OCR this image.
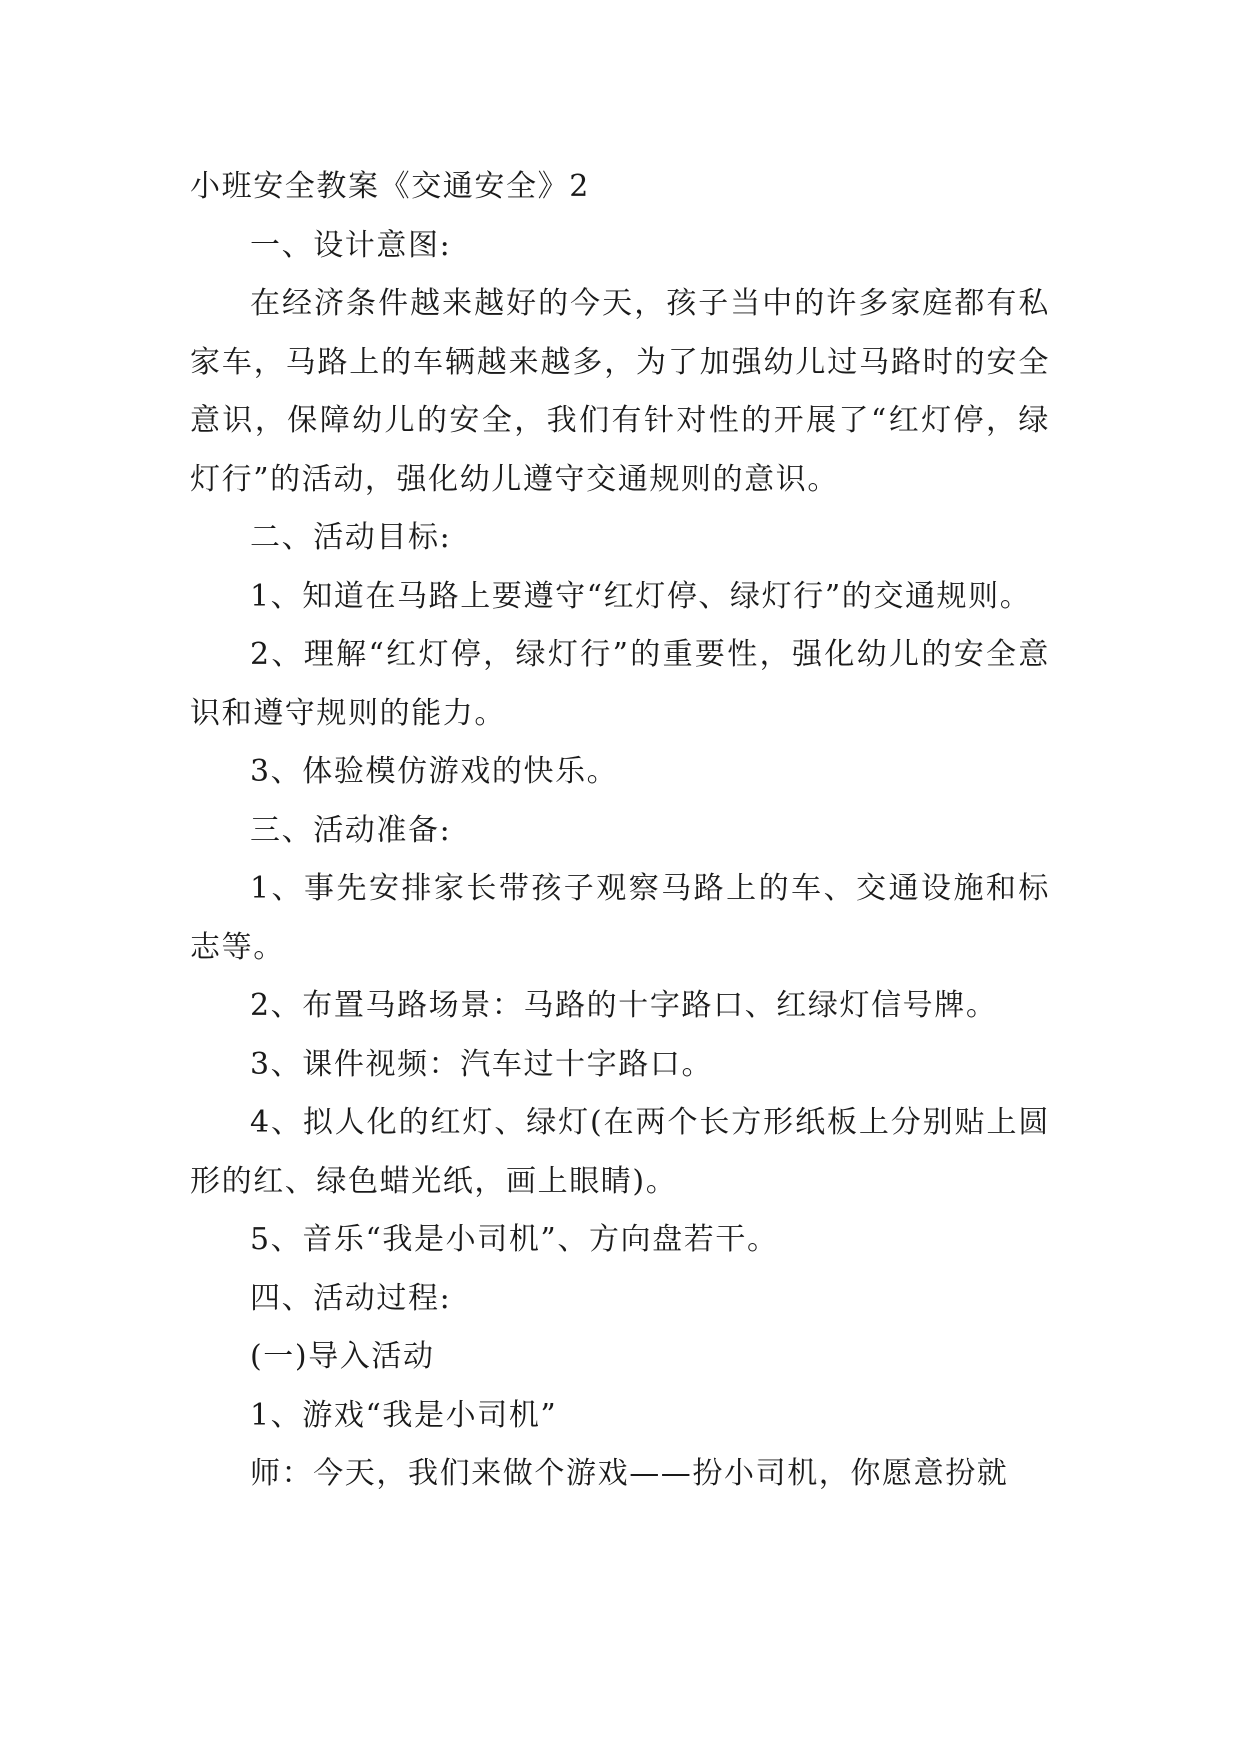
小班安全教案《交通安全》2

一、设计意图:

在经济条件越来越好的今天，孩子当中的许多家庭都有私家车，马路上的车辆越来越多，为了加强幼儿过马路时的安全意识，保障幼儿的安全，我们有针对性的开展了“红灯停，绿灯行”的活动，强化幼儿遵守交通规则的意识。

二、活动目标:

1、知道在马路上要遵守“红灯停、绿灯行”的交通规则。

2、理解“红灯停，绿灯行”的重要性，强化幼儿的安全意识和遵守规则的能力。

3、体验模仿游戏的快乐。

三、活动准备:

1、事先安排家长带孩子观察马路上的车、交通设施和标志等。

2、布置马路场景：马路的十字路口、红绿灯信号牌。

3、课件视频：汽车过十字路口。

4、拟人化的红灯、绿灯(在两个长方形纸板上分别贴上圆形的红、绿色蜡光纸，画上眼睛)。

5、音乐“我是小司机”、方向盘若干。

四、活动过程:

(一)导入活动

1、游戏“我是小司机”

师：今天，我们来做个游戏——扮小司机，你愿意扮就
